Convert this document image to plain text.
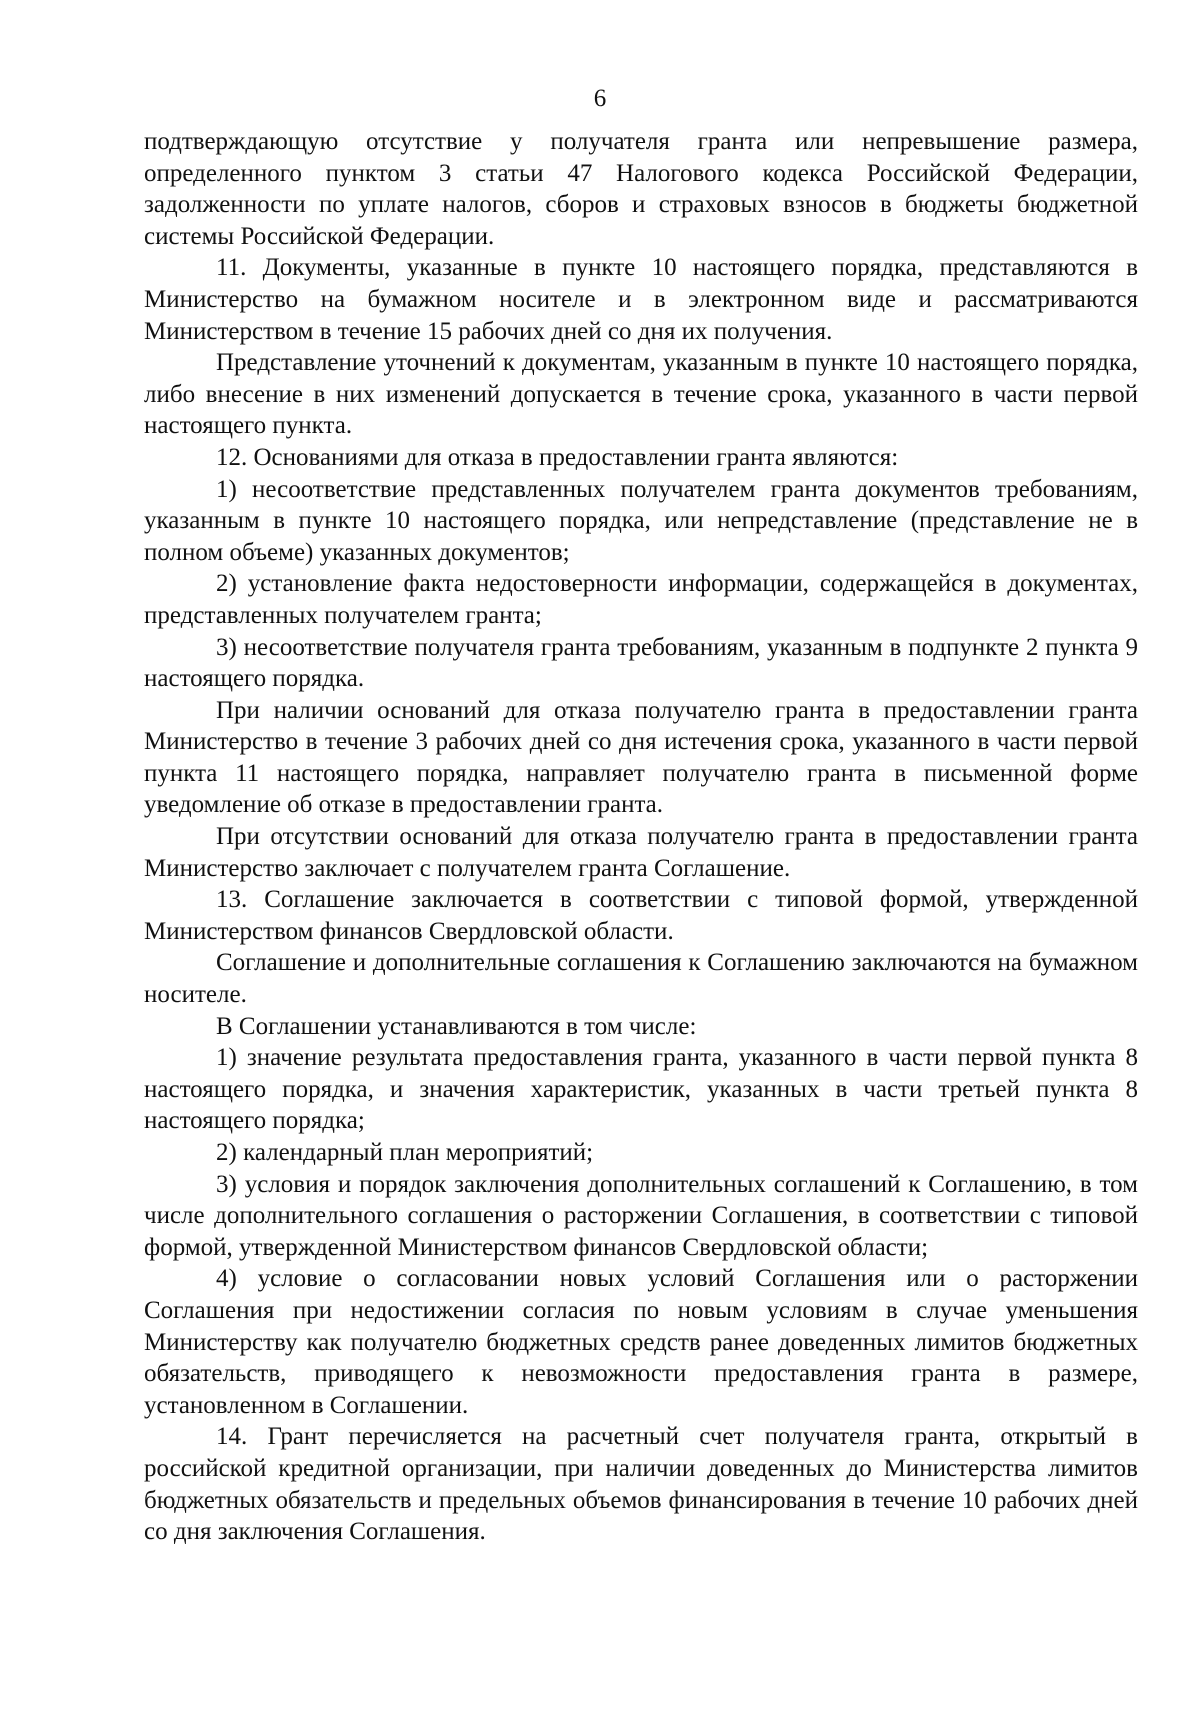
6

подтверждающую отсутствие у получателя гранта или непревышение размера, определенного пунктом 3 статьи 47 Налогового кодекса Российской Федерации, задолженности по уплате налогов, сборов и страховых взносов в бюджеты бюджетной системы Российской Федерации.

11. Документы, указанные в пункте 10 настоящего порядка, представляются в Министерство на бумажном носителе и в электронном виде и рассматриваются Министерством в течение 15 рабочих дней со дня их получения.

Представление уточнений к документам, указанным в пункте 10 настоящего порядка, либо внесение в них изменений допускается в течение срока, указанного в части первой настоящего пункта.

12. Основаниями для отказа в предоставлении гранта являются:

1) несоответствие представленных получателем гранта документов требованиям, указанным в пункте 10 настоящего порядка, или непредставление (представление не в полном объеме) указанных документов;

2) установление факта недостоверности информации, содержащейся в документах, представленных получателем гранта;

3) несоответствие получателя гранта требованиям, указанным в подпункте 2 пункта 9 настоящего порядка.

При наличии оснований для отказа получателю гранта в предоставлении гранта Министерство в течение 3 рабочих дней со дня истечения срока, указанного в части первой пункта 11 настоящего порядка, направляет получателю гранта в письменной форме уведомление об отказе в предоставлении гранта.

При отсутствии оснований для отказа получателю гранта в предоставлении гранта Министерство заключает с получателем гранта Соглашение.

13. Соглашение заключается в соответствии с типовой формой, утвержденной Министерством финансов Свердловской области.

Соглашение и дополнительные соглашения к Соглашению заключаются на бумажном носителе.

В Соглашении устанавливаются в том числе:

1) значение результата предоставления гранта, указанного в части первой пункта 8 настоящего порядка, и значения характеристик, указанных в части третьей пункта 8 настоящего порядка;

2) календарный план мероприятий;

3) условия и порядок заключения дополнительных соглашений к Соглашению, в том числе дополнительного соглашения о расторжении Соглашения, в соответствии с типовой формой, утвержденной Министерством финансов Свердловской области;

4) условие о согласовании новых условий Соглашения или о расторжении Соглашения при недостижении согласия по новым условиям в случае уменьшения Министерству как получателю бюджетных средств ранее доведенных лимитов бюджетных обязательств, приводящего к невозможности предоставления гранта в размере, установленном в Соглашении.

14. Грант перечисляется на расчетный счет получателя гранта, открытый в российской кредитной организации, при наличии доведенных до Министерства лимитов бюджетных обязательств и предельных объемов финансирования в течение 10 рабочих дней со дня заключения Соглашения.
